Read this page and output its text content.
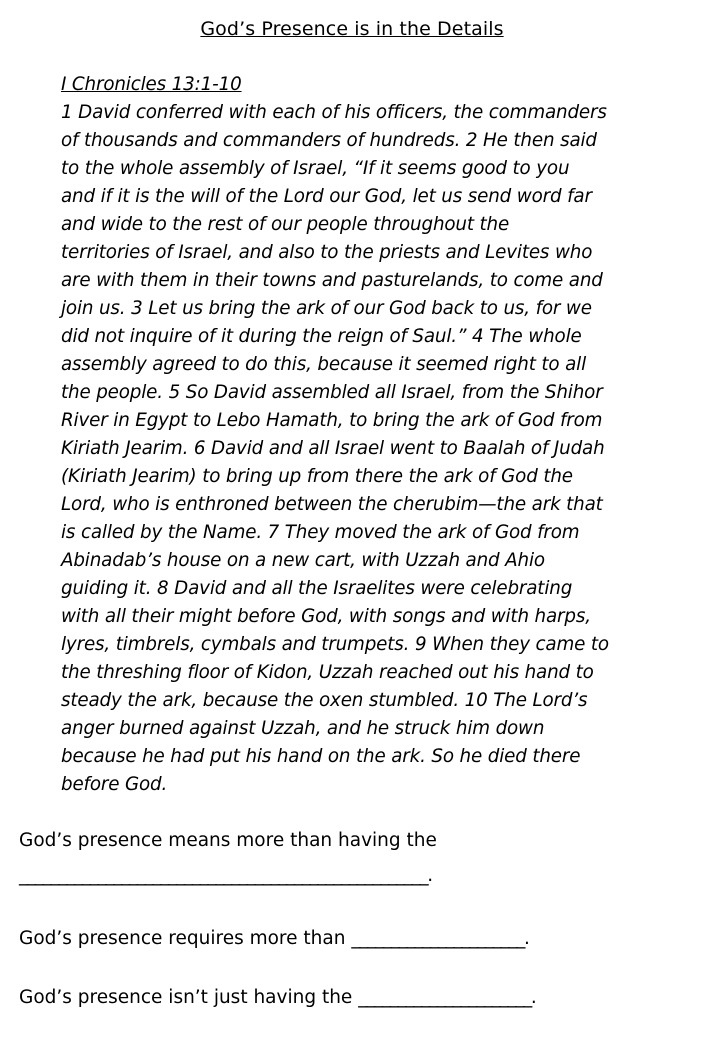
God’s Presence is in the Details
I Chronicles 13:1-10
1 David conferred with each of his officers, the commanders
of thousands and commanders of hundreds. 2 He then said
to the whole assembly of Israel, “If it seems good to you
and if it is the will of the Lord our God, let us send word far
and wide to the rest of our people throughout the
territories of Israel, and also to the priests and Levites who
are with them in their towns and pasturelands, to come and
join us. 3 Let us bring the ark of our God back to us, for we
did not inquire of it during the reign of Saul.” 4 The whole
assembly agreed to do this, because it seemed right to all
the people. 5 So David assembled all Israel, from the Shihor
River in Egypt to Lebo Hamath, to bring the ark of God from
Kiriath Jearim. 6 David and all Israel went to Baalah of Judah
(Kiriath Jearim) to bring up from there the ark of God the
Lord, who is enthroned between the cherubim—the ark that
is called by the Name. 7 They moved the ark of God from
Abinadab’s house on a new cart, with Uzzah and Ahio
guiding it. 8 David and all the Israelites were celebrating
with all their might before God, with songs and with harps,
lyres, timbrels, cymbals and trumpets. 9 When they came to
the threshing floor of Kidon, Uzzah reached out his hand to
steady the ark, because the oxen stumbled. 10 The Lord’s
anger burned against Uzzah, and he struck him down
because he had put his hand on the ark. So he died there
before God.

God’s presence means more than having the

____________________________________________________.

God’s presence requires more than ______________________.

God’s presence isn’t just having the ______________________.
